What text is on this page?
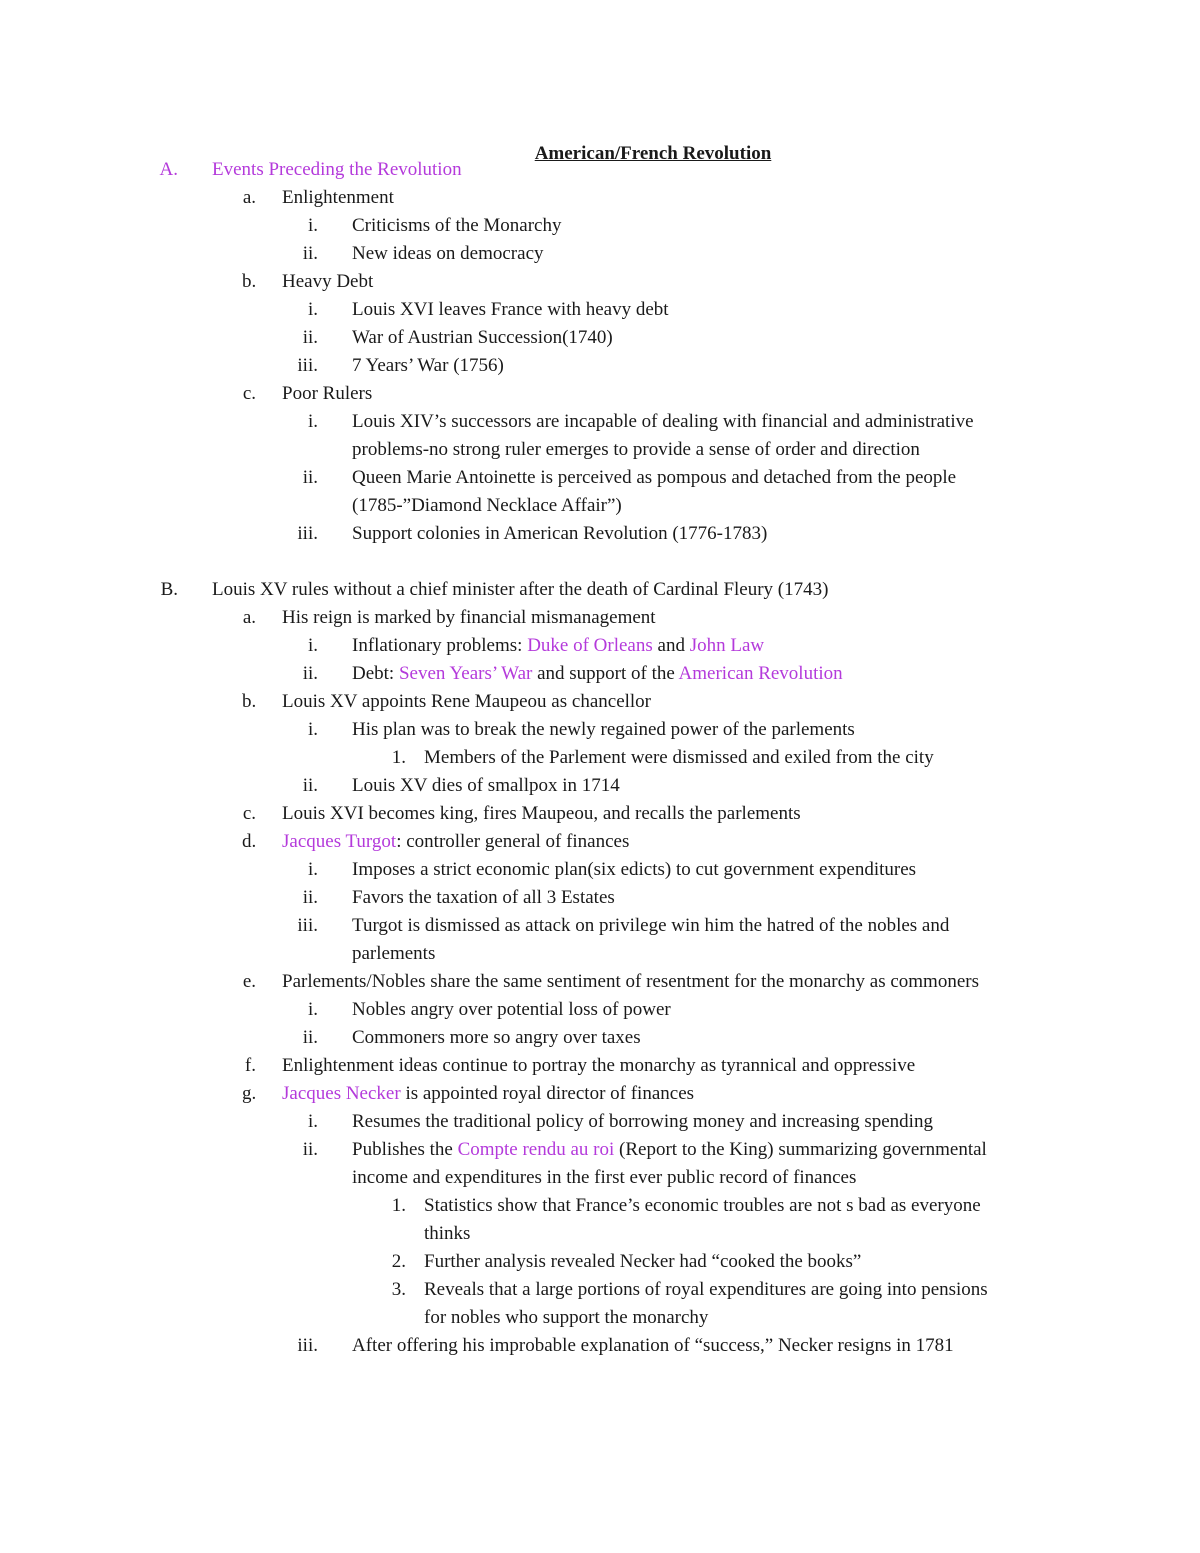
American/French Revolution
A. Events Preceding the Revolution
a. Enlightenment
i. Criticisms of the Monarchy
ii. New ideas on democracy
b. Heavy Debt
i. Louis XVI leaves France with heavy debt
ii. War of Austrian Succession(1740)
iii. 7 Years’ War (1756)
c. Poor Rulers
i. Louis XIV’s successors are incapable of dealing with financial and administrative
problems-no strong ruler emerges to provide a sense of order and direction
ii. Queen Marie Antoinette is perceived as pompous and detached from the people
(1785-”Diamond Necklace Affair”)
iii. Support colonies in American Revolution (1776-1783)
B. Louis XV rules without a chief minister after the death of Cardinal Fleury (1743)
a. His reign is marked by financial mismanagement
i. Inflationary problems: Duke of Orleans and John Law
ii. Debt: Seven Years’ War and support of the American Revolution
b. Louis XV appoints Rene Maupeou as chancellor
i. His plan was to break the newly regained power of the parlements
1. Members of the Parlement were dismissed and exiled from the city
ii. Louis XV dies of smallpox in 1714
c. Louis XVI becomes king, fires Maupeou, and recalls the parlements
d. Jacques Turgot: controller general of finances
i. Imposes a strict economic plan(six edicts) to cut government expenditures
ii. Favors the taxation of all 3 Estates
iii. Turgot is dismissed as attack on privilege win him the hatred of the nobles and
parlements
e. Parlements/Nobles share the same sentiment of resentment for the monarchy as commoners
i. Nobles angry over potential loss of power
ii. Commoners more so angry over taxes
f. Enlightenment ideas continue to portray the monarchy as tyrannical and oppressive
g. Jacques Necker is appointed royal director of finances
i. Resumes the traditional policy of borrowing money and increasing spending
ii. Publishes the Compte rendu au roi (Report to the King) summarizing governmental
income and expenditures in the first ever public record of finances
1. Statistics show that France’s economic troubles are not s bad as everyone
thinks
2. Further analysis revealed Necker had “cooked the books”
3. Reveals that a large portions of royal expenditures are going into pensions
for nobles who support the monarchy
iii. After offering his improbable explanation of “success,” Necker resigns in 1781
